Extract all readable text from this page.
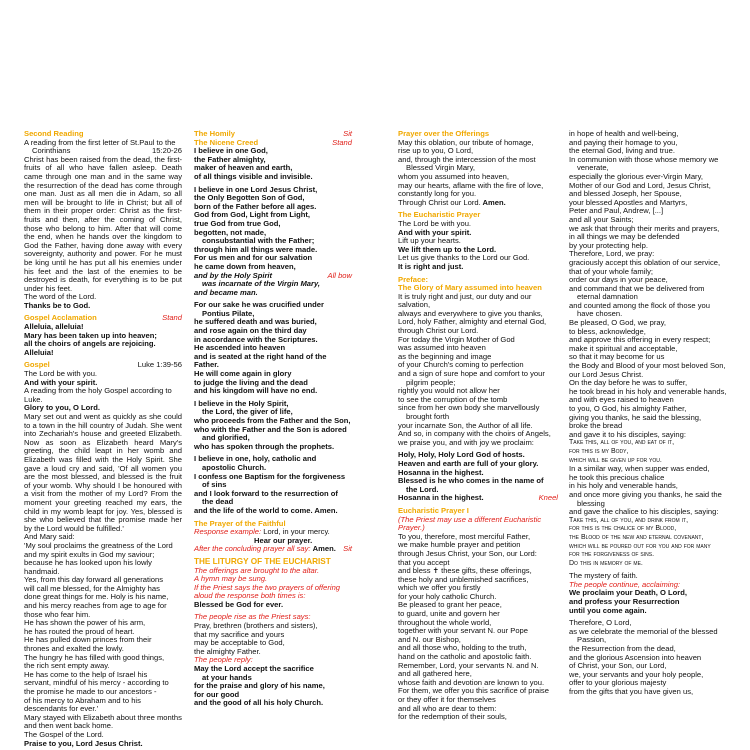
Second Reading
A reading from the first letter of St.Paul to the
Corinthians	15:20-26
Christ has been raised from the dead, the first-fruits of all who have fallen asleep. Death came through one man and in the same way the resurrection of the dead has come through one man. Just as all men die in Adam, so all men will be brought to life in Christ; but all of them in their proper order: Christ as the first-fruits and then, after the coming of Christ, those who belong to him. After that will come the end, when he hands over the kingdom to God the Father, having done away with every sovereignty, authority and power. For he must be king until he has put all his enemies under his feet and the last of the enemies to be destroyed is death, for everything is to be put under his feet.
The word of the Lord.
Thanks be to God.
Gospel Acclamation	Stand
Alleluia, alleluia!
Mary has been taken up into heaven;
all the choirs of angels are rejoicing.
Alleluia!
Gospel	Luke 1:39-56
The Lord be with you.
And with your spirit.
A reading from the holy Gospel according to Luke.
Glory to you, O Lord.
Mary set out and went as quickly as she could to a town in the hill country of Judah. She went into Zechariah's house and greeted Elizabeth. Now as soon as Elizabeth heard Mary's greeting, the child leapt in her womb and Elizabeth was filled with the Holy Spirit. She gave a loud cry and said, 'Of all women you are the most blessed, and blessed is the fruit of your womb. Why should I be honoured with a visit from the mother of my Lord? From the moment your greeting reached my ears, the child in my womb leapt for joy. Yes, blessed is she who believed that the promise made her by the Lord would be fulfilled.'
And Mary said:
'My soul proclaims the greatness of the Lord
and my spirit exults in God my saviour;
because he has looked upon his lowly handmaid.
Yes, from this day forward all generations
will call me blessed, for the Almighty has
done great things for me. Holy is his name,
and his mercy reaches from age to age for
those who fear him.
He has shown the power of his arm,
he has routed the proud of heart.
He has pulled down princes from their
thrones and exalted the lowly.
The hungry he has filled with good things,
the rich sent empty away.
He has come to the help of Israel his
servant, mindful of his mercy - according to
the promise he made to our ancestors -
of his mercy to Abraham and to his
descendants for ever.'
Mary stayed with Elizabeth about three months and then went back home.
The Gospel of the Lord.
Praise to you, Lord Jesus Christ.
The Homily	Sit
The Nicene Creed	Stand
I believe in one God,
the Father almighty,
maker of heaven and earth,
of all things visible and invisible.
I believe in one Lord Jesus Christ,
the Only Begotten Son of God,
born of the Father before all ages.
God from God, Light from Light,
true God from true God,
begotten, not made,
consubstantial with the Father;
through him all things were made.
For us men and for our salvation
he came down from heaven,
and by the Holy Spirit	All bow
was incarnate of the Virgin Mary,
and became man.
For our sake he was crucified under
Pontius Pilate,
he suffered death and was buried,
and rose again on the third day
in accordance with the Scriptures.
He ascended into heaven
and is seated at the right hand of the Father.
He will come again in glory
to judge the living and the dead
and his kingdom will have no end.
I believe in the Holy Spirit,
the Lord, the giver of life,
who proceeds from the Father and the Son,
who with the Father and the Son is adored
and glorified,
who has spoken through the prophets.
I believe in one, holy, catholic and
apostolic Church.
I confess one Baptism for the forgiveness
of sins
and I look forward to the resurrection of
the dead
and the life of the world to come. Amen.
The Prayer of the Faithful
Response example: Lord, in your mercy.
Hear our prayer.
After the concluding prayer all say: Amen. Sit
THE LITURGY OF THE EUCHARIST
The offerings are brought to the altar.
A hymn may be sung.
If the Priest says the two prayers of offering
aloud the response both times is:
Blessed be God for ever.
The people rise as the Priest says:
Pray, brethren (brothers and sisters),
that my sacrifice and yours
may be acceptable to God,
the almighty Father.
The people reply:
May the Lord accept the sacrifice
at your hands
for the praise and glory of his name,
for our good
and the good of all his holy Church.
Prayer over the Offerings
May this oblation, our tribute of homage,
rise up to you, O Lord,
and, through the intercession of the most
Blessed Virgin Mary,
whom you assumed into heaven,
may our hearts, aflame with the fire of love,
constantly long for you.
Through Christ our Lord. Amen.
The Eucharistic Prayer
The Lord be with you.
And with your spirit.
Lift up your hearts.
We lift them up to the Lord.
Let us give thanks to the Lord our God.
It is right and just.
Preface:
The Glory of Mary assumed into heaven
It is truly right and just, our duty and our salvation,
always and everywhere to give you thanks,
Lord, holy Father, almighty and eternal God,
through Christ our Lord.
For today the Virgin Mother of God
was assumed into heaven
as the beginning and image
of your Church's coming to perfection
and a sign of sure hope and comfort to your
pilgrim people;
rightly you would not allow her
to see the corruption of the tomb
since from her own body she marvellously
brought forth
your incarnate Son, the Author of all life.
And so, in company with the choirs of Angels,
we praise you, and with joy we proclaim:
Holy, Holy, Holy Lord God of hosts.
Heaven and earth are full of your glory.
Hosanna in the highest.
Blessed is he who comes in the name of
the Lord.
Hosanna in the highest.	Kneel
Eucharistic Prayer I
(The Priest may use a different Eucharistic Prayer.)
To you, therefore, most merciful Father,
we make humble prayer and petition
through Jesus Christ, your Son, our Lord:
that you accept
and bless ✝ these gifts, these offerings,
these holy and unblemished sacrifices,
which we offer you firstly
for your holy catholic Church.
Be pleased to grant her peace,
to guard, unite and govern her
throughout the whole world,
together with your servant N. our Pope
and N. our Bishop,
and all those who, holding to the truth,
hand on the catholic and apostolic faith.
Remember, Lord, your servants N. and N.
and all gathered here,
whose faith and devotion are known to you.
For them, we offer you this sacrifice of praise
or they offer it for themselves
and all who are dear to them:
for the redemption of their souls,
in hope of health and well-being,
and paying their homage to you,
the eternal God, living and true.
In communion with those whose memory we
venerate,
especially the glorious ever-Virgin Mary,
Mother of our God and Lord, Jesus Christ,
and blessed Joseph, her Spouse,
your blessed Apostles and Martyrs,
Peter and Paul, Andrew, [...]
and all your Saints;
we ask that through their merits and prayers,
in all things we may be defended
by your protecting help.
Therefore, Lord, we pray:
graciously accept this oblation of our service,
that of your whole family;
order our days in your peace,
and command that we be delivered from
eternal damnation
and counted among the flock of those you
have chosen.
Be pleased, O God, we pray,
to bless, acknowledge,
and approve this offering in every respect;
make it spiritual and acceptable,
so that it may become for us
the Body and Blood of your most beloved Son,
our Lord Jesus Christ.
On the day before he was to suffer,
he took bread in his holy and venerable hands,
and with eyes raised to heaven
to you, O God, his almighty Father,
giving you thanks, he said the blessing,
broke the bread
and gave it to his disciples, saying:
Take this, all of you, and eat of it,
for this is my Body,
which will be given up for you.
In a similar way, when supper was ended,
he took this precious chalice
in his holy and venerable hands,
and once more giving you thanks, he said the
blessing
and gave the chalice to his disciples, saying:
Take this, all of you, and drink from it,
for this is the chalice of my Blood,
the Blood of the new and eternal covenant,
which will be poured out for you and for many
for the forgiveness of sins.
Do this in memory of me.
The mystery of faith.
The people continue, acclaiming:
We proclaim your Death, O Lord,
and profess your Resurrection
until you come again.
Therefore, O Lord,
as we celebrate the memorial of the blessed
Passion,
the Resurrection from the dead,
and the glorious Ascension into heaven
of Christ, your Son, our Lord,
we, your servants and your holy people,
offer to your glorious majesty
from the gifts that you have given us,
